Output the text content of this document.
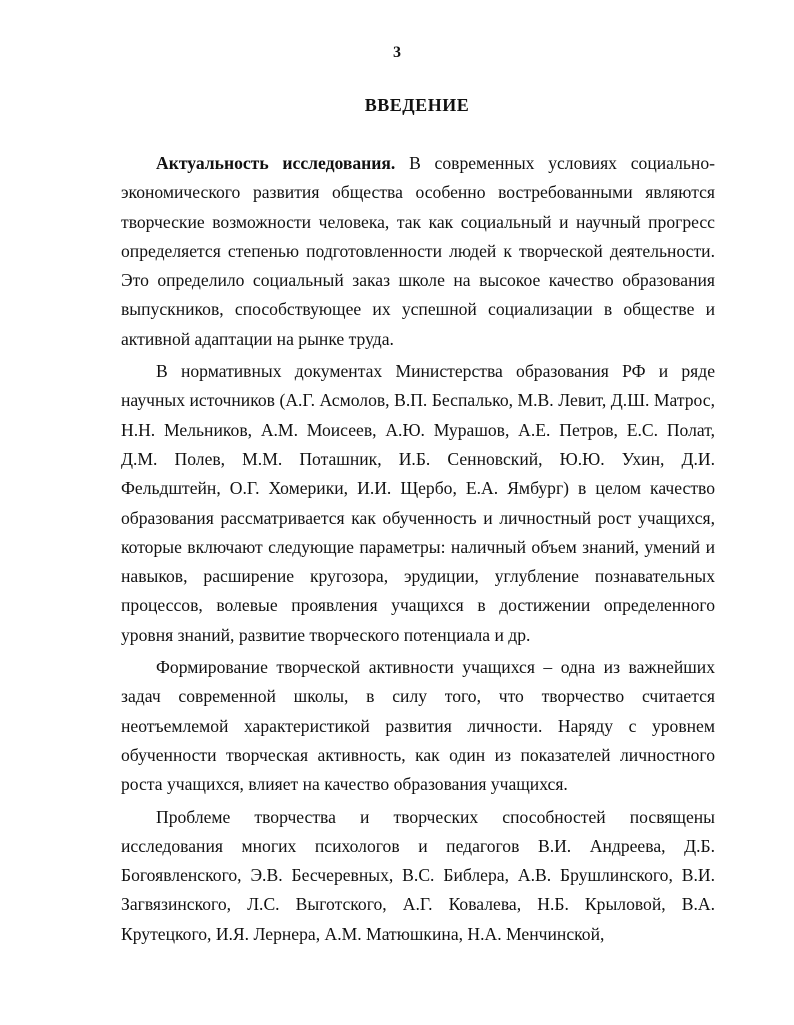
3
ВВЕДЕНИЕ

Актуальность исследования. В современных условиях социально-экономического развития общества особенно востребованными являются творческие возможности человека, так как социальный и научный прогресс определяется степенью подготовленности людей к творческой деятельности. Это определило социальный заказ школе на высокое качество образования выпускников, способствующее их успешной социализации в обществе и активной адаптации на рынке труда.

В нормативных документах Министерства образования РФ и ряде научных источников (А.Г. Асмолов, В.П. Беспалько, М.В. Левит, Д.Ш. Матрос, Н.Н. Мельников, А.М. Моисеев, А.Ю. Мурашов, А.Е. Петров, Е.С. Полат, Д.М. Полев, М.М. Поташник, И.Б. Сенновский, Ю.Ю. Ухин, Д.И. Фельдштейн, О.Г. Хомерики, И.И. Щербо, Е.А. Ямбург) в целом качество образования рассматривается как обученность и личностный рост учащихся, которые включают следующие параметры: наличный объем знаний, умений и навыков, расширение кругозора, эрудиции, углубление познавательных процессов, волевые проявления учащихся в достижении определенного уровня знаний, развитие творческого потенциала и др.

Формирование творческой активности учащихся – одна из важнейших задач современной школы, в силу того, что творчество считается неотъемлемой характеристикой развития личности. Наряду с уровнем обученности творческая активность, как один из показателей личностного роста учащихся, влияет на качество образования учащихся.

Проблеме творчества и творческих способностей посвящены исследования многих психологов и педагогов В.И. Андреева, Д.Б. Богоявленского, Э.В. Бесчеревных, В.С. Библера, А.В. Брушлинского, В.И. Загвязинского, Л.С. Выготского, А.Г. Ковалева, Н.Б. Крыловой, В.А. Крутецкого, И.Я. Лернера, А.М. Матюшкина, Н.А. Менчинской,
